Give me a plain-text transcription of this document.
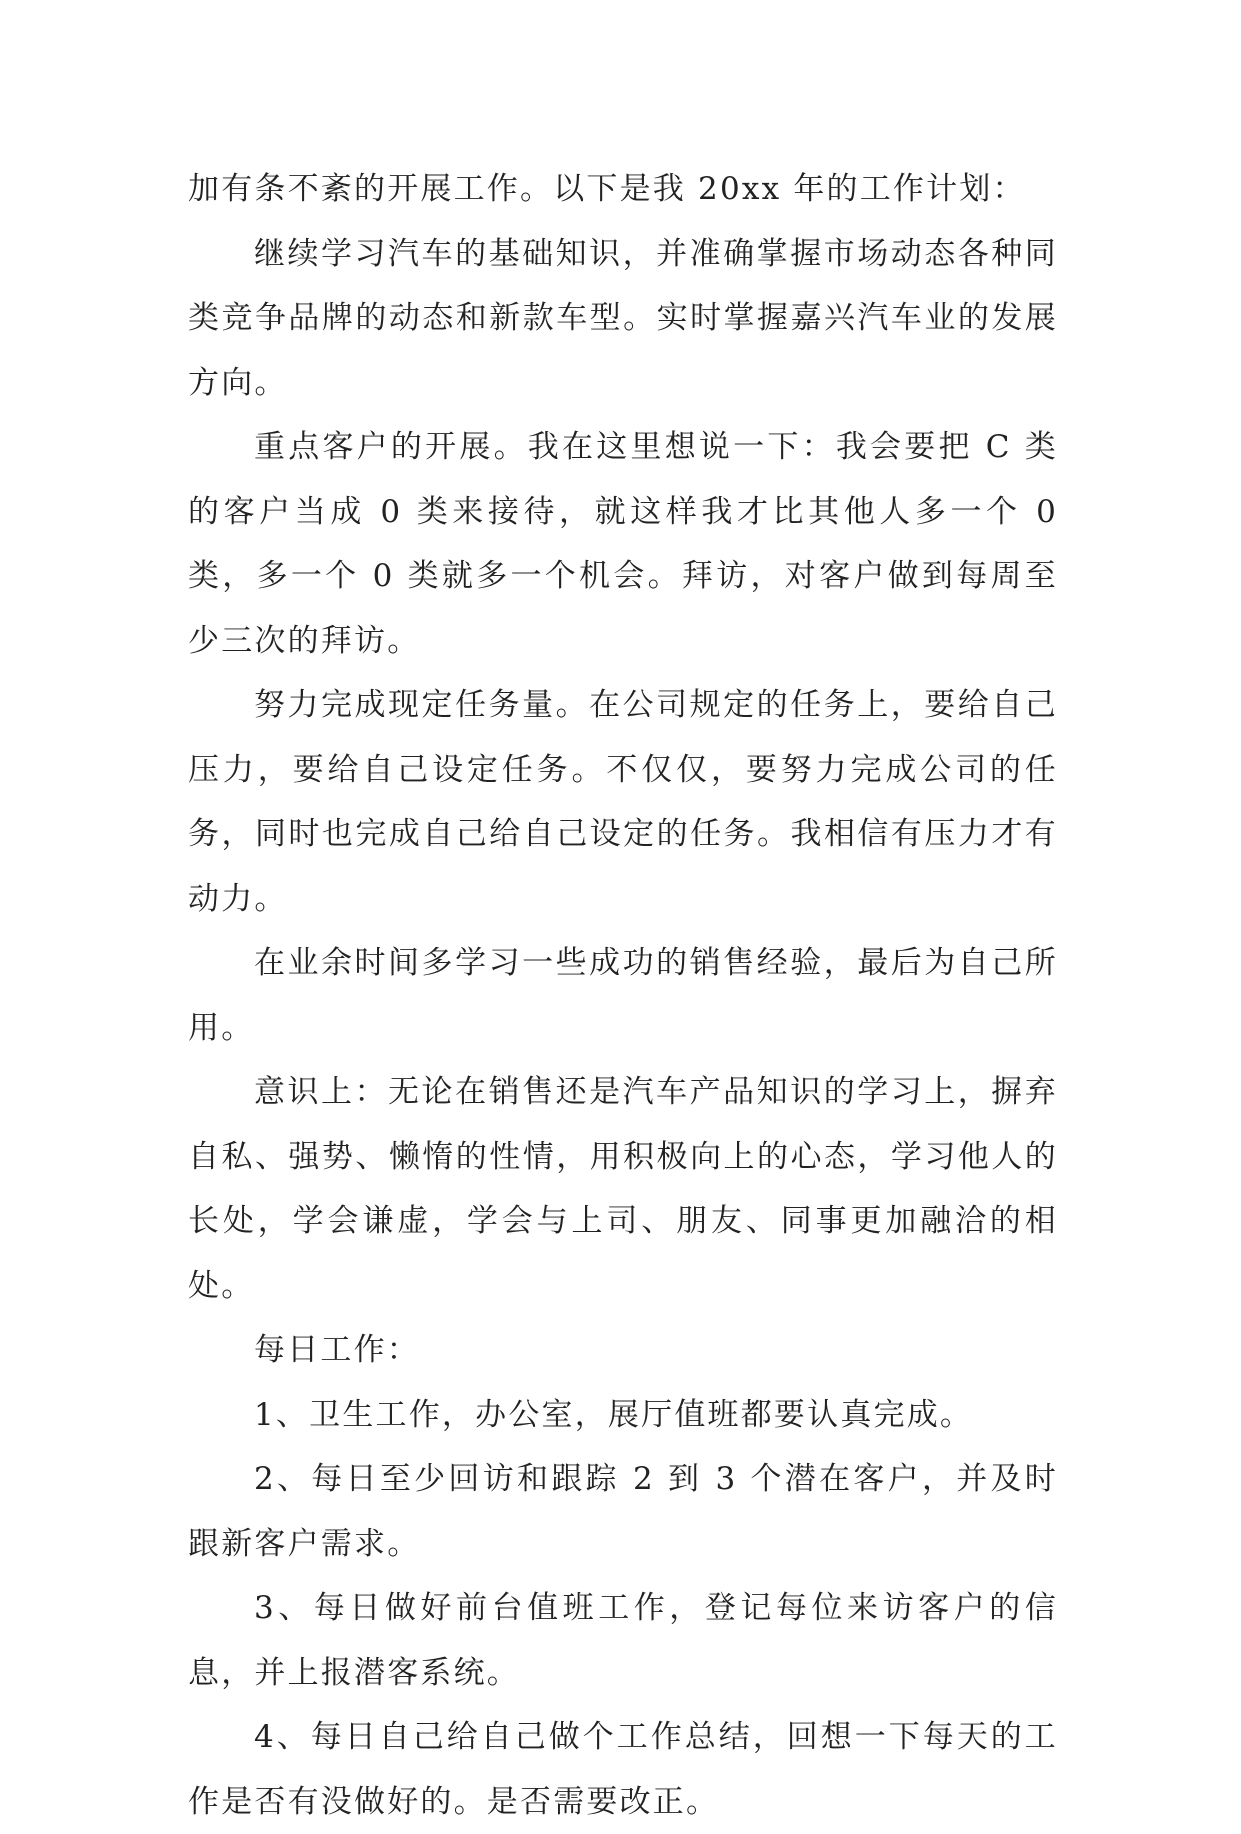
加有条不紊的开展工作。以下是我 20xx 年的工作计划：

继续学习汽车的基础知识，并准确掌握市场动态各种同类竞争品牌的动态和新款车型。实时掌握嘉兴汽车业的发展方向。

重点客户的开展。我在这里想说一下：我会要把 C 类的客户当成 0 类来接待，就这样我才比其他人多一个 0 类，多一个 0 类就多一个机会。拜访，对客户做到每周至少三次的拜访。

努力完成现定任务量。在公司规定的任务上，要给自己压力，要给自己设定任务。不仅仅，要努力完成公司的任务，同时也完成自己给自己设定的任务。我相信有压力才有动力。

在业余时间多学习一些成功的销售经验，最后为自己所用。

意识上：无论在销售还是汽车产品知识的学习上，摒弃自私、强势、懒惰的性情，用积极向上的心态，学习他人的长处，学会谦虚，学会与上司、朋友、同事更加融洽的相处。

每日工作：

1、卫生工作，办公室，展厅值班都要认真完成。

2、每日至少回访和跟踪 2 到 3 个潜在客户，并及时跟新客户需求。

3、每日做好前台值班工作，登记每位来访客户的信息，并上报潜客系统。

4、每日自己给自己做个工作总结，回想一下每天的工作是否有没做好的。是否需要改正。
